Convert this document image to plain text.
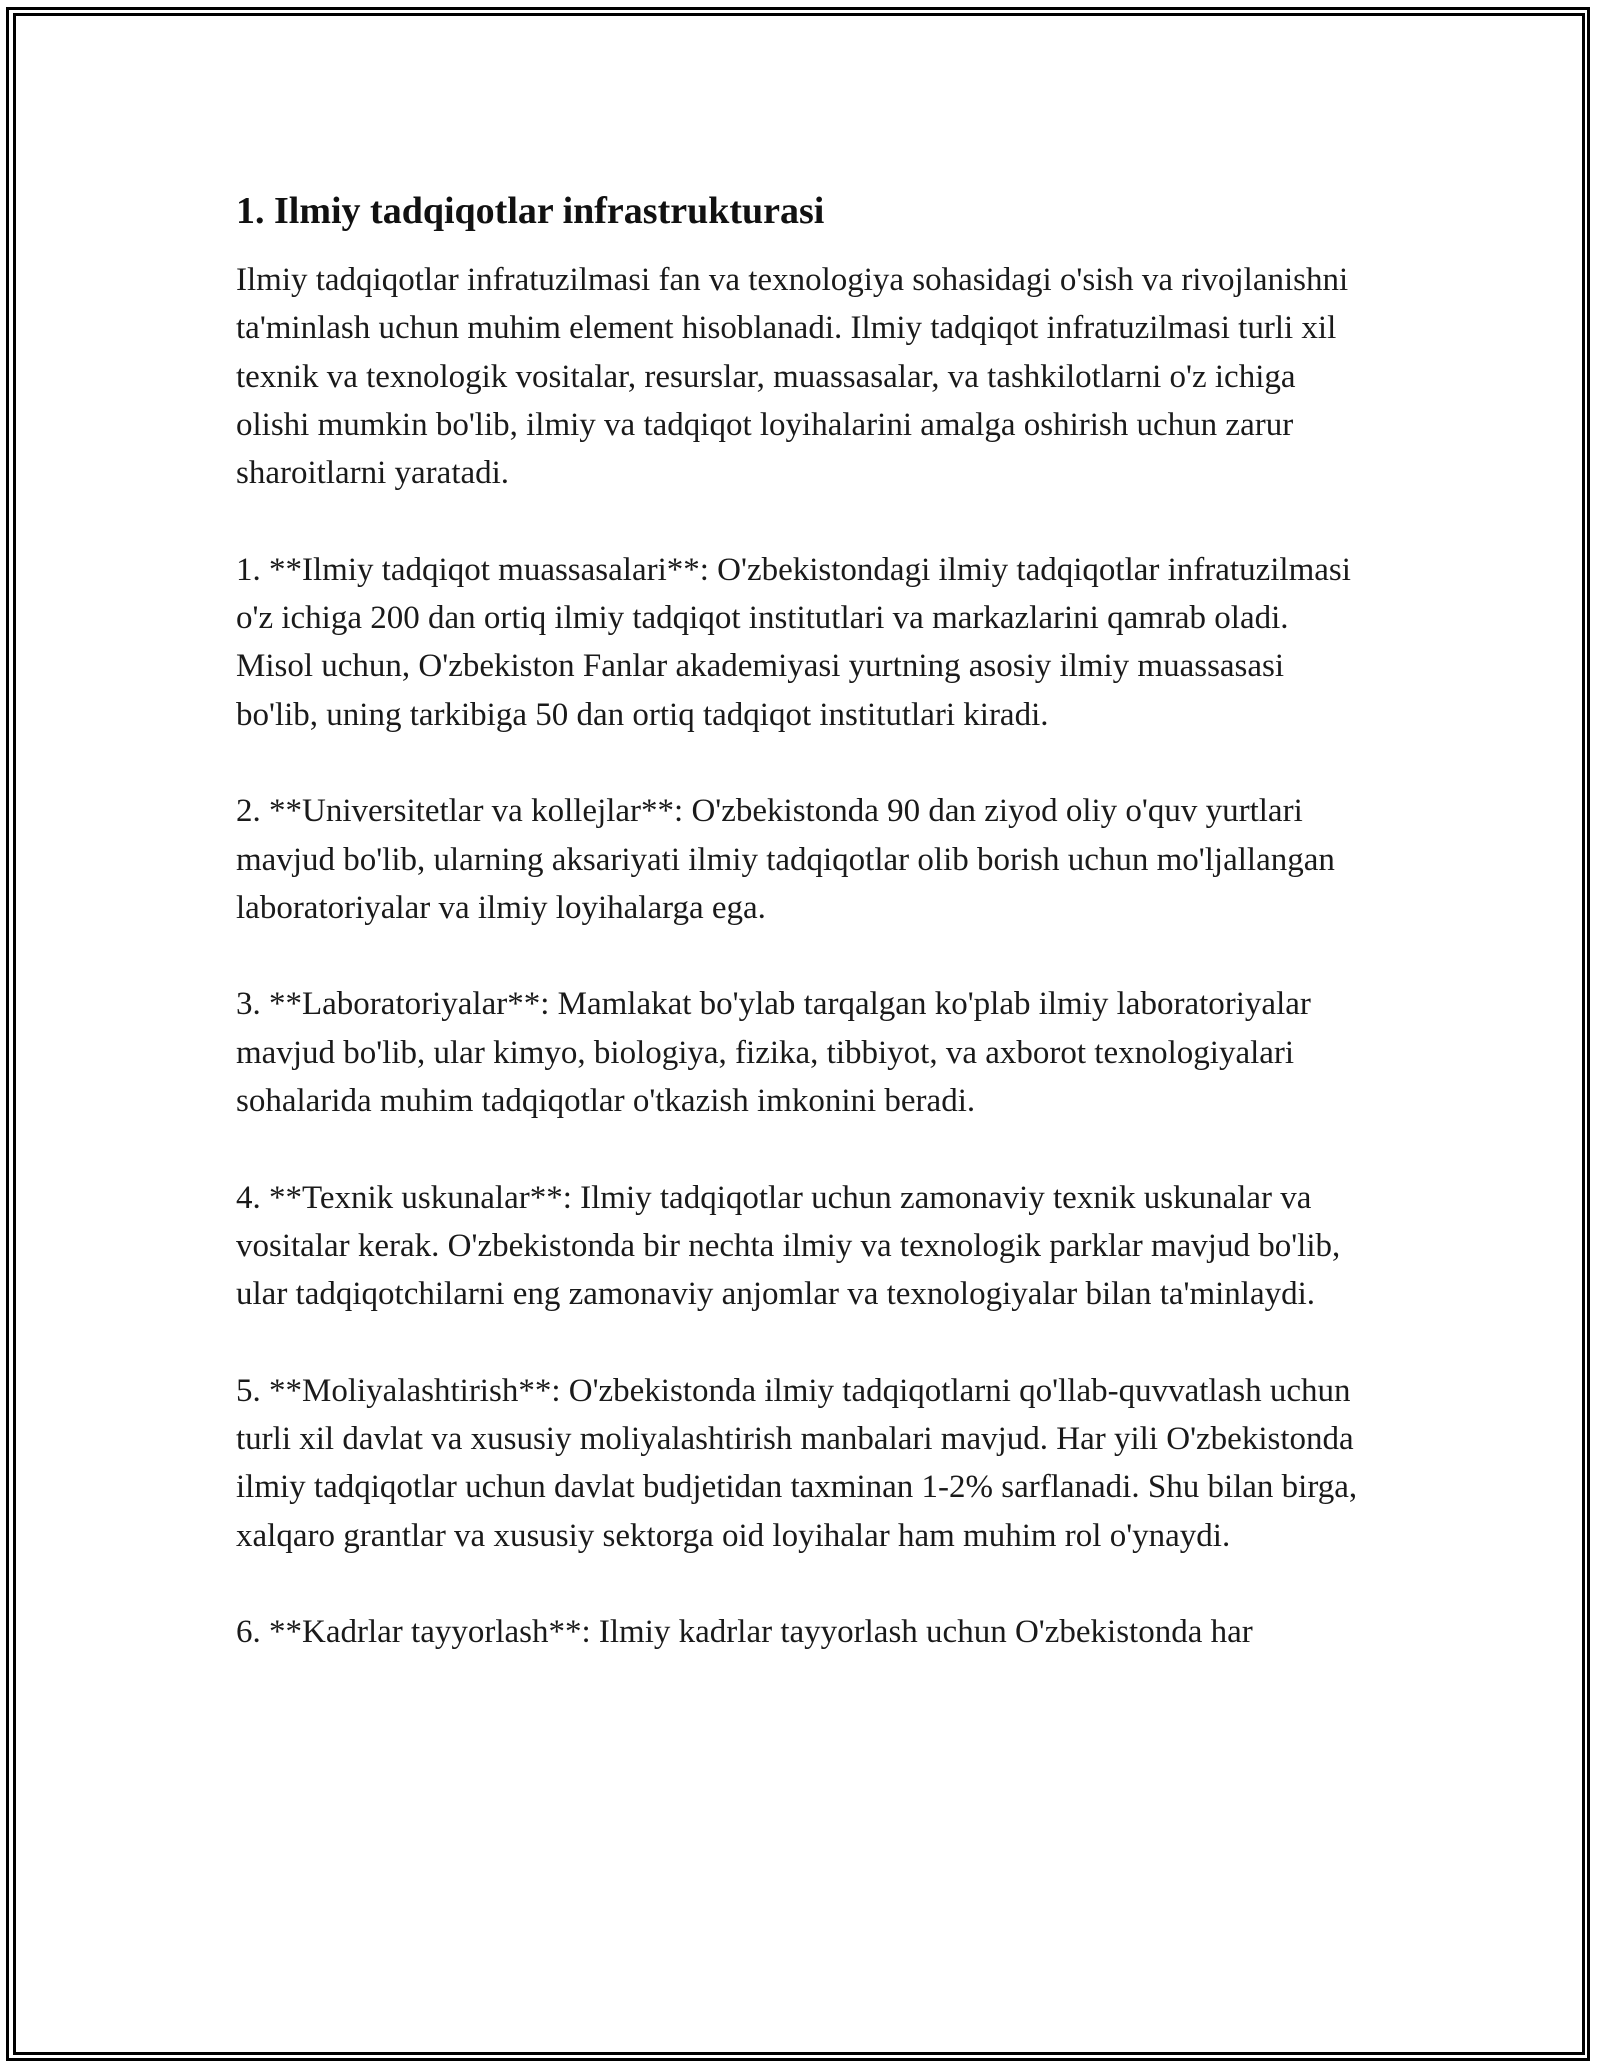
1. Ilmiy tadqiqotlar infrastrukturasi

Ilmiy tadqiqotlar infratuzilmasi fan va texnologiya sohasidagi o'sish va rivojlanishni ta'minlash uchun muhim element hisoblanadi. Ilmiy tadqiqot infratuzilmasi turli xil texnik va texnologik vositalar, resurslar, muassasalar, va tashkilotlarni o'z ichiga olishi mumkin bo'lib, ilmiy va tadqiqot loyihalarini amalga oshirish uchun zarur sharoitlarni yaratadi.

1. **Ilmiy tadqiqot muassasalari**: O'zbekistondagi ilmiy tadqiqotlar infratuzilmasi o'z ichiga 200 dan ortiq ilmiy tadqiqot institutlari va markazlarini qamrab oladi. Misol uchun, O'zbekiston Fanlar akademiyasi yurtning asosiy ilmiy muassasasi bo'lib, uning tarkibiga 50 dan ortiq tadqiqot institutlari kiradi.

2. **Universitetlar va kollejlar**: O'zbekistonda 90 dan ziyod oliy o'quv yurtlari mavjud bo'lib, ularning aksariyati ilmiy tadqiqotlar olib borish uchun mo'ljallangan laboratoriyalar va ilmiy loyihalarga ega.

3. **Laboratoriyalar**: Mamlakat bo'ylab tarqalgan ko'plab ilmiy laboratoriyalar mavjud bo'lib, ular kimyo, biologiya, fizika, tibbiyot, va axborot texnologiyalari sohalarida muhim tadqiqotlar o'tkazish imkonini beradi.

4. **Texnik uskunalar**: Ilmiy tadqiqotlar uchun zamonaviy texnik uskunalar va vositalar kerak. O'zbekistonda bir nechta ilmiy va texnologik parklar mavjud bo'lib, ular tadqiqotchilarni eng zamonaviy anjomlar va texnologiyalar bilan ta'minlaydi.

5. **Moliyalashtirish**: O'zbekistonda ilmiy tadqiqotlarni qo'llab-quvvatlash uchun turli xil davlat va xususiy moliyalashtirish manbalari mavjud. Har yili O'zbekistonda ilmiy tadqiqotlar uchun davlat budjetidan taxminan 1-2% sarflanadi. Shu bilan birga, xalqaro grantlar va xususiy sektorga oid loyihalar ham muhim rol o'ynaydi.

6. **Kadrlar tayyorlash**: Ilmiy kadrlar tayyorlash uchun O'zbekistonda har
